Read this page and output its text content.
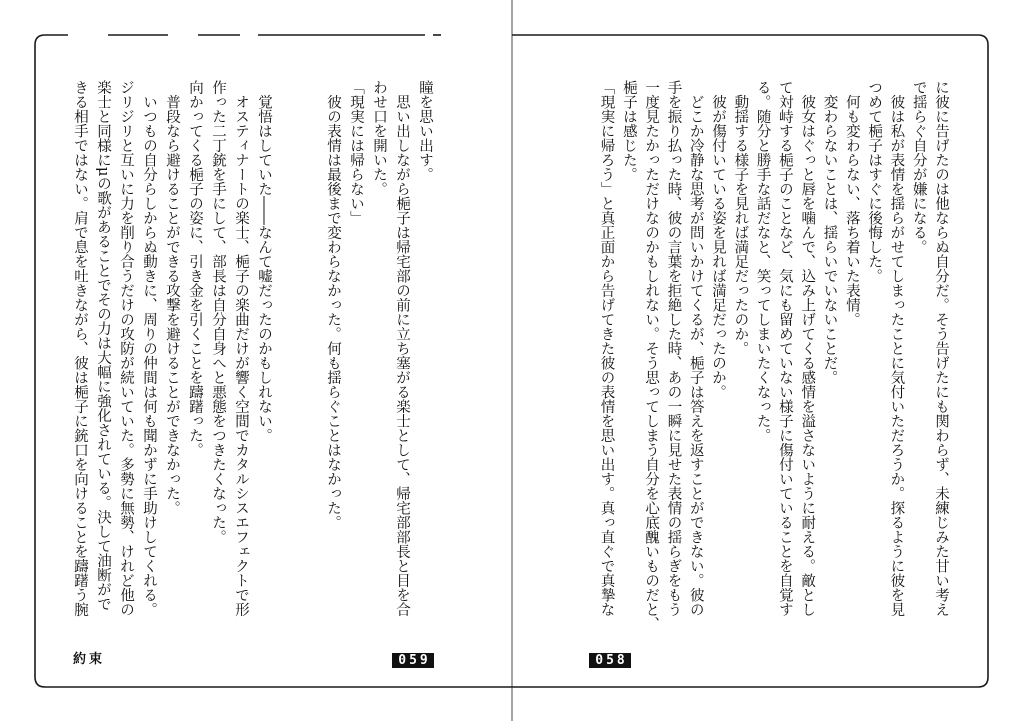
に彼に告げたのは他ならぬ自分だ。そう告げたにも関わらず、未練じみた甘い考え
で揺らぐ自分が嫌になる。
　彼は私が表情を揺らがせてしまったことに気付いただろうか。探るように彼を見
つめて梔子はすぐに後悔した。
　何も変わらない、落ち着いた表情。
　変わらないことは、揺らいでいないことだ。
　彼女はぐっと唇を噛んで、込み上げてくる感情を溢さないように耐える。敵とし
て対峙する梔子のことなど、気にも留めていない様子に傷付いていることを自覚す
る。随分と勝手な話だなと、笑ってしまいたくなった。
　動揺する様子を見れば満足だったのか。
　彼が傷付いている姿を見れば満足だったのか。
　どこか冷静な思考が問いかけてくるが、梔子は答えを返すことができない。彼の
手を振り払った時、彼の言葉を拒絶した時、あの一瞬に見せた表情の揺らぎをもう
一度見たかっただけなのかもしれない。そう思ってしまう自分を心底醜いものだと、
梔子は感じた。
「現実に帰ろう」と真正面から告げてきた彼の表情を思い出す。真っ直ぐで真摯な
瞳を思い出す。
　思い出しながら梔子は帰宅部の前に立ち塞がる楽士として、帰宅部部長と目を合
わせ口を開いた。
「現実には帰らない」
　彼の表情は最後まで変わらなかった。何も揺らぐことはなかった。
　覚悟はしていた――なんて嘘だったのかもしれない。
　オスティナートの楽士、梔子の楽曲だけが響く空間でカタルシスエフェクトで形
作った二丁銃を手にして、部長は自分自身へと悪態をつきたくなった。
向かってくる梔子の姿に、引き金を引くことを躊躇った。
　普段なら避けることができる攻撃を避けることができなかった。
　いつもの自分らしからぬ動きに、周りの仲間は何も聞かずに手助けしてくれる。
ジリジリと互いに力を削り合うだけの攻防が続いていた。多勢に無勢、けれど他の
楽士と同様にμの歌があることでその力は大幅に強化されている。決して油断がで
きる相手ではない。肩で息を吐きながら、彼は梔子に銃口を向けることを躊躇う腕
約束	059	058
